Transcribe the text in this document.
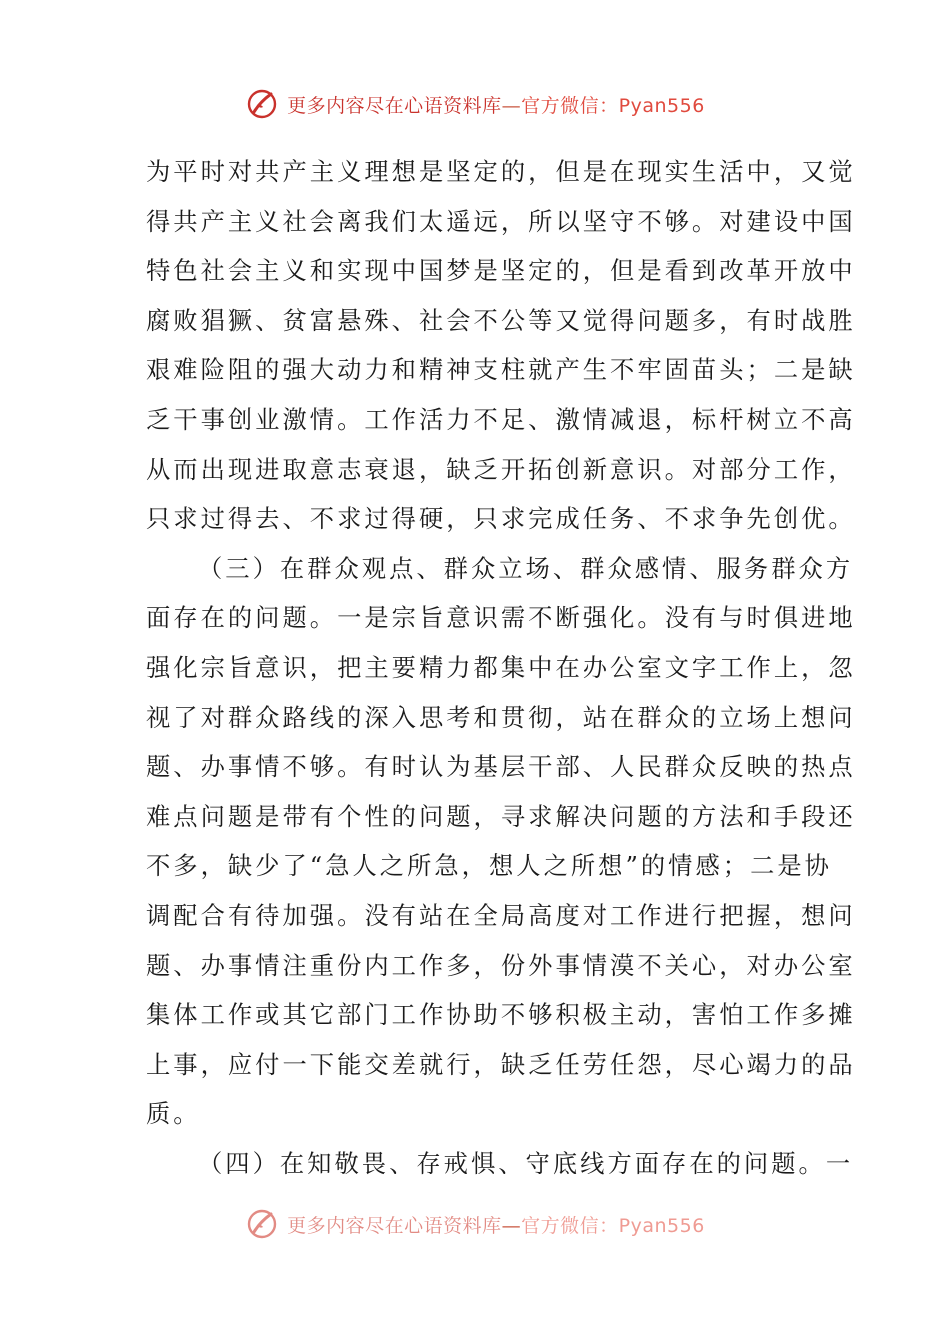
更多内容尽在心语资料库—官方微信：Pyan556
为平时对共产主义理想是坚定的，但是在现实生活中，又觉
得共产主义社会离我们太遥远，所以坚守不够。对建设中国
特色社会主义和实现中国梦是坚定的，但是看到改革开放中
腐败猖獗、贫富悬殊、社会不公等又觉得问题多，有时战胜
艰难险阻的强大动力和精神支柱就产生不牢固苗头；二是缺
乏干事创业激情。工作活力不足、激情减退，标杆树立不高
从而出现进取意志衰退，缺乏开拓创新意识。对部分工作，
只求过得去、不求过得硬，只求完成任务、不求争先创优。
（三）在群众观点、群众立场、群众感情、服务群众方
面存在的问题。一是宗旨意识需不断强化。没有与时俱进地
强化宗旨意识，把主要精力都集中在办公室文字工作上，忽
视了对群众路线的深入思考和贯彻，站在群众的立场上想问
题、办事情不够。有时认为基层干部、人民群众反映的热点
难点问题是带有个性的问题，寻求解决问题的方法和手段还
不多，缺少了“急人之所急，想人之所想”的情感；二是协
调配合有待加强。没有站在全局高度对工作进行把握，想问
题、办事情注重份内工作多，份外事情漠不关心，对办公室
集体工作或其它部门工作协助不够积极主动，害怕工作多摊
上事，应付一下能交差就行，缺乏任劳任怨，尽心竭力的品
质。
（四）在知敬畏、存戒惧、守底线方面存在的问题。一
更多内容尽在心语资料库—官方微信：Pyan556
